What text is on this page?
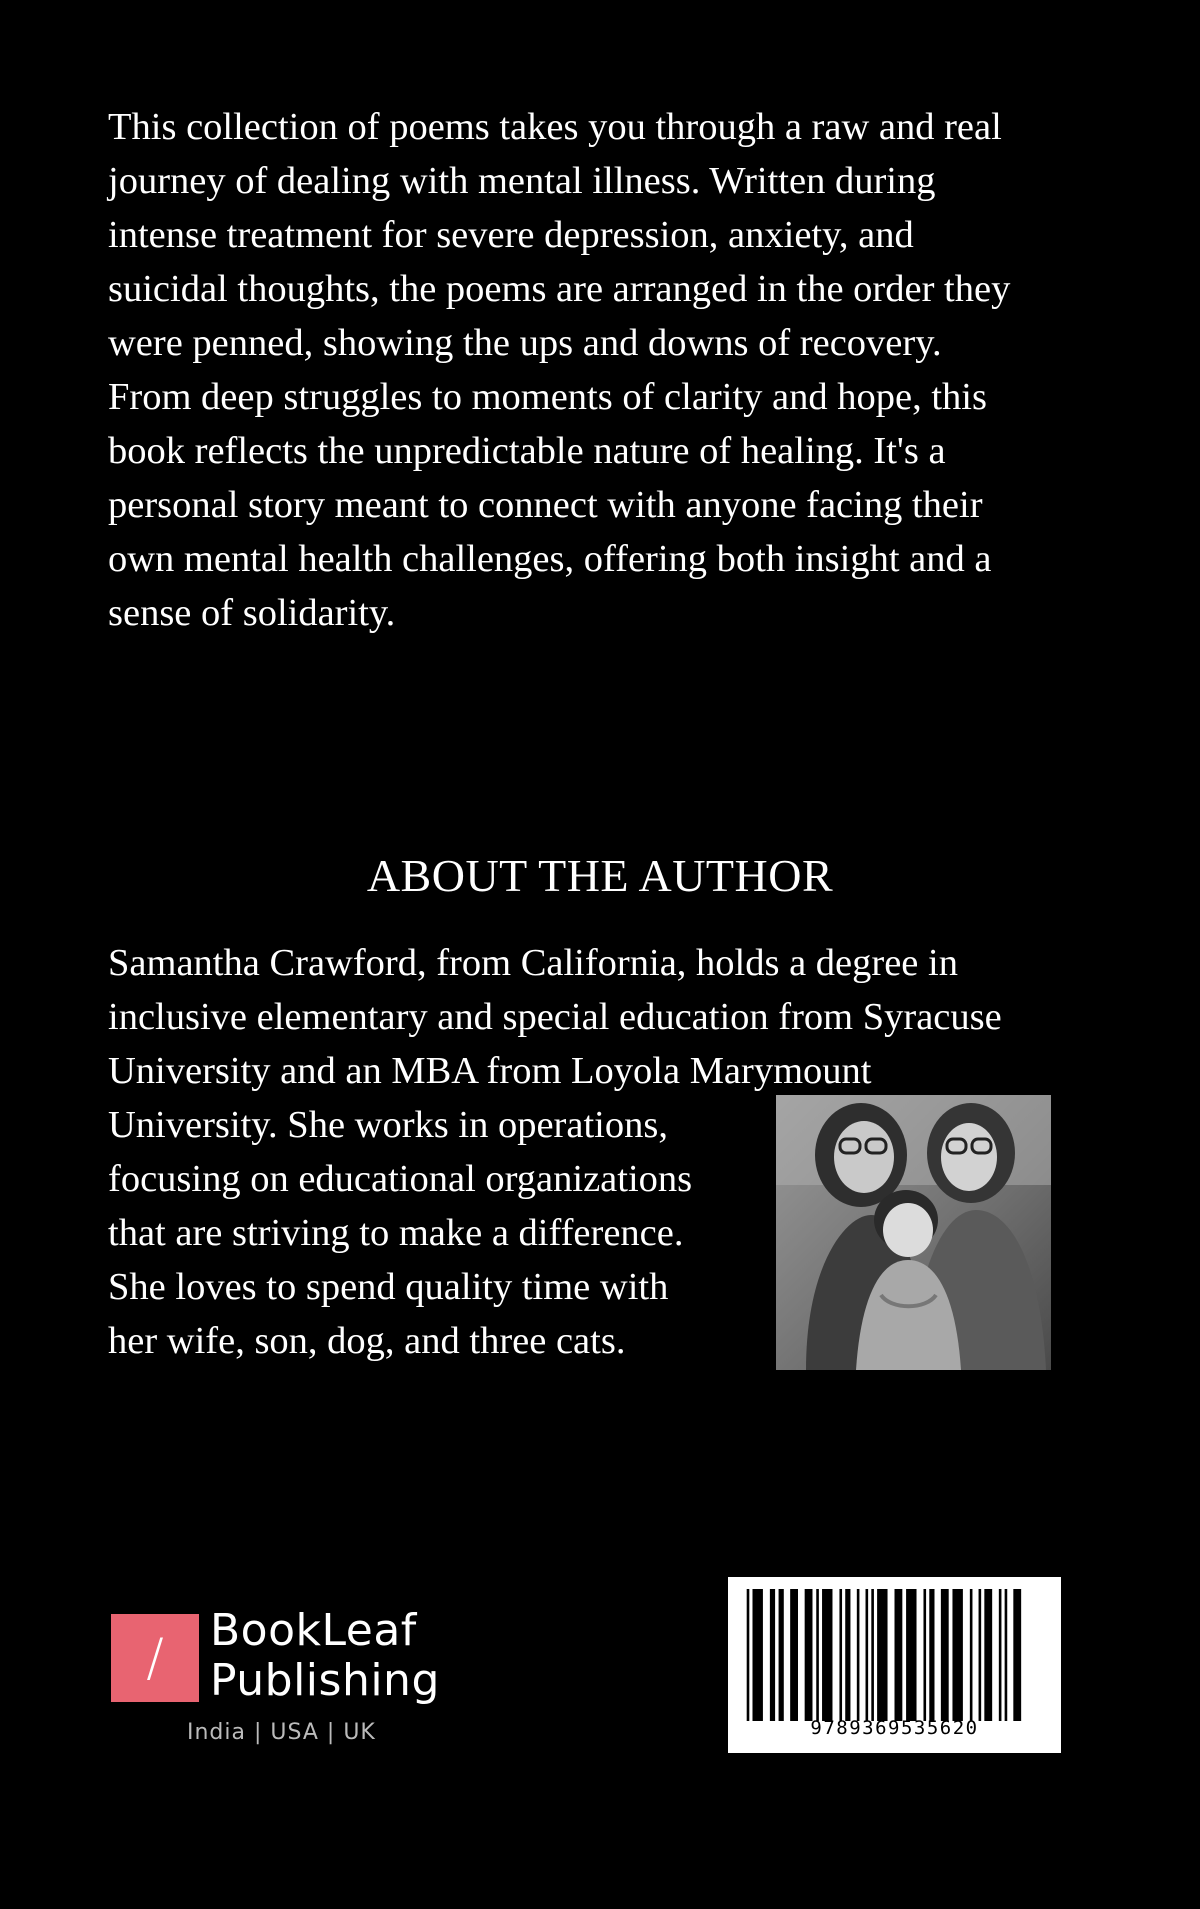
This collection of poems takes you through a raw and real
journey of dealing with mental illness. Written during
intense treatment for severe depression, anxiety, and
suicidal thoughts, the poems are arranged in the order they
were penned, showing the ups and downs of recovery.
From deep struggles to moments of clarity and hope, this
book reflects the unpredictable nature of healing. It's a
personal story meant to connect with anyone facing their
own mental health challenges, offering both insight and a
sense of solidarity.
ABOUT THE AUTHOR
Samantha Crawford, from California, holds a degree in
inclusive elementary and special education from Syracuse
University and an MBA from Loyola Marymount
University. She works in operations,
focusing on educational organizations
that are striving to make a difference.
She loves to spend quality time with
her wife, son, dog, and three cats.
/	BookLeaf
Publishing
India | USA | UK	9789369535620
